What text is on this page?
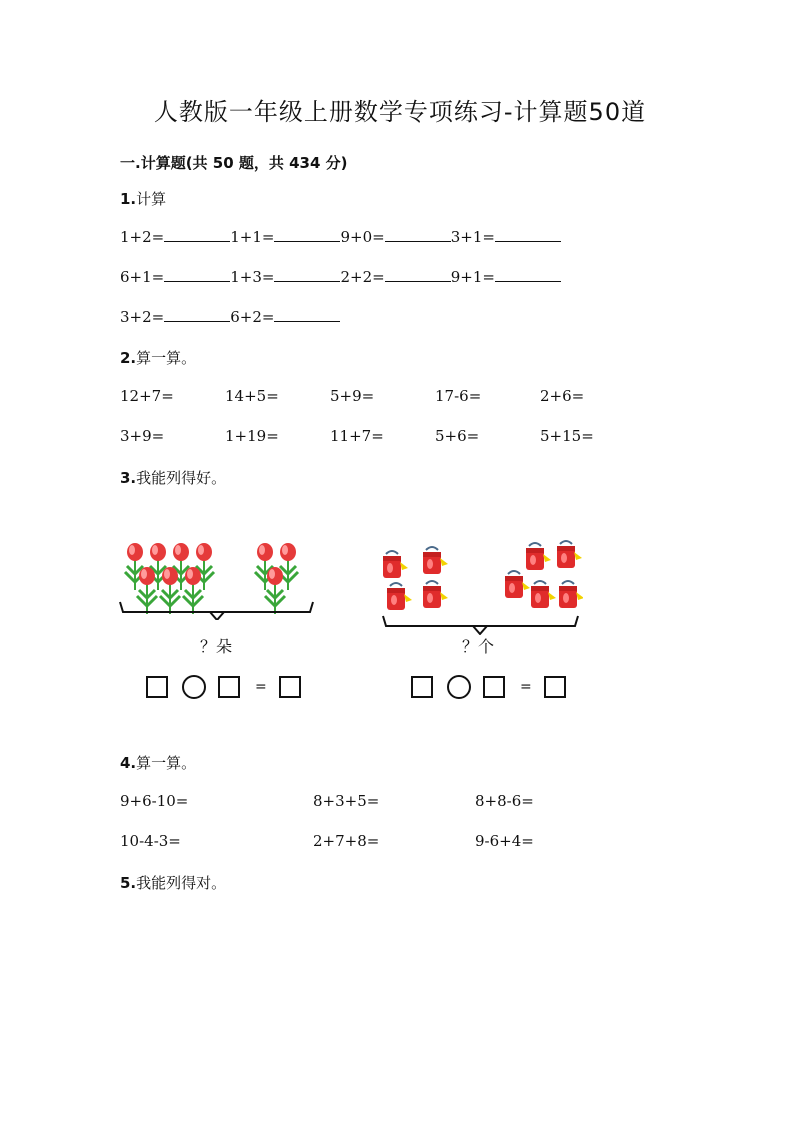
人教版一年级上册数学专项练习-计算题50道
一.计算题(共 50 题，共 434 分)
1.计算
1+2=	1+1=	9+0=	3+1=
6+1=	1+3=	2+2=	9+1=
3+2=	6+2=
2.算一算。
12+7=	14+5=	5+9=	17-6=	2+6=
3+9=	1+19=	11+7=	5+6=	5+15=
3.我能列得好。
？朵	？个
=	=
4.算一算。
9+6-10=	8+3+5=	8+8-6=
10-4-3=	2+7+8=	9-6+4=
5.我能列得对。
